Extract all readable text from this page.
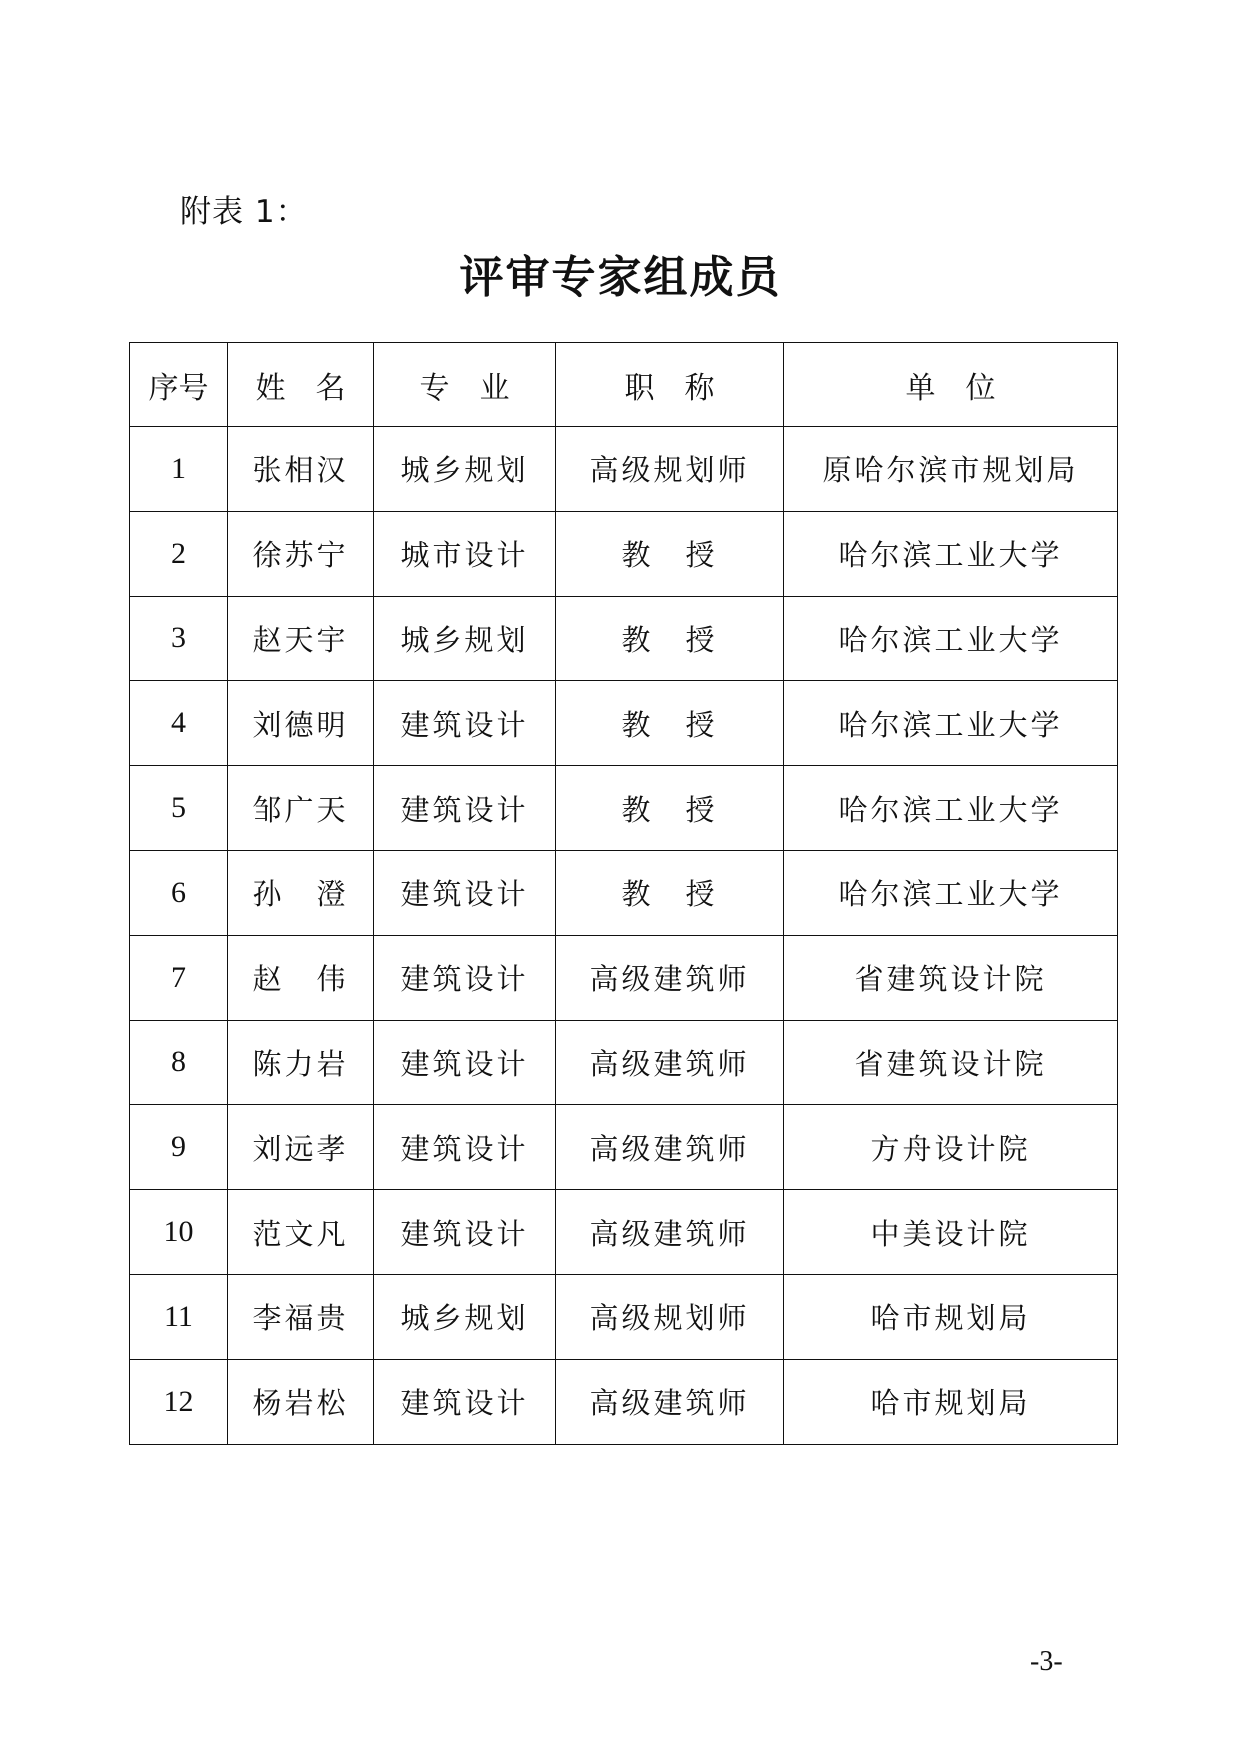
附表 1：
评审专家组成员
序号	姓　名	专　业	职　称	单　位
1	张相汉	城乡规划	高级规划师	原哈尔滨市规划局
2	徐苏宁	城市设计	教　授	哈尔滨工业大学
3	赵天宇	城乡规划	教　授	哈尔滨工业大学
4	刘德明	建筑设计	教　授	哈尔滨工业大学
5	邹广天	建筑设计	教　授	哈尔滨工业大学
6	孙　澄	建筑设计	教　授	哈尔滨工业大学
7	赵　伟	建筑设计	高级建筑师	省建筑设计院
8	陈力岩	建筑设计	高级建筑师	省建筑设计院
9	刘远孝	建筑设计	高级建筑师	方舟设计院
10	范文凡	建筑设计	高级建筑师	中美设计院
11	李福贵	城乡规划	高级规划师	哈市规划局
12	杨岩松	建筑设计	高级建筑师	哈市规划局
-3-
